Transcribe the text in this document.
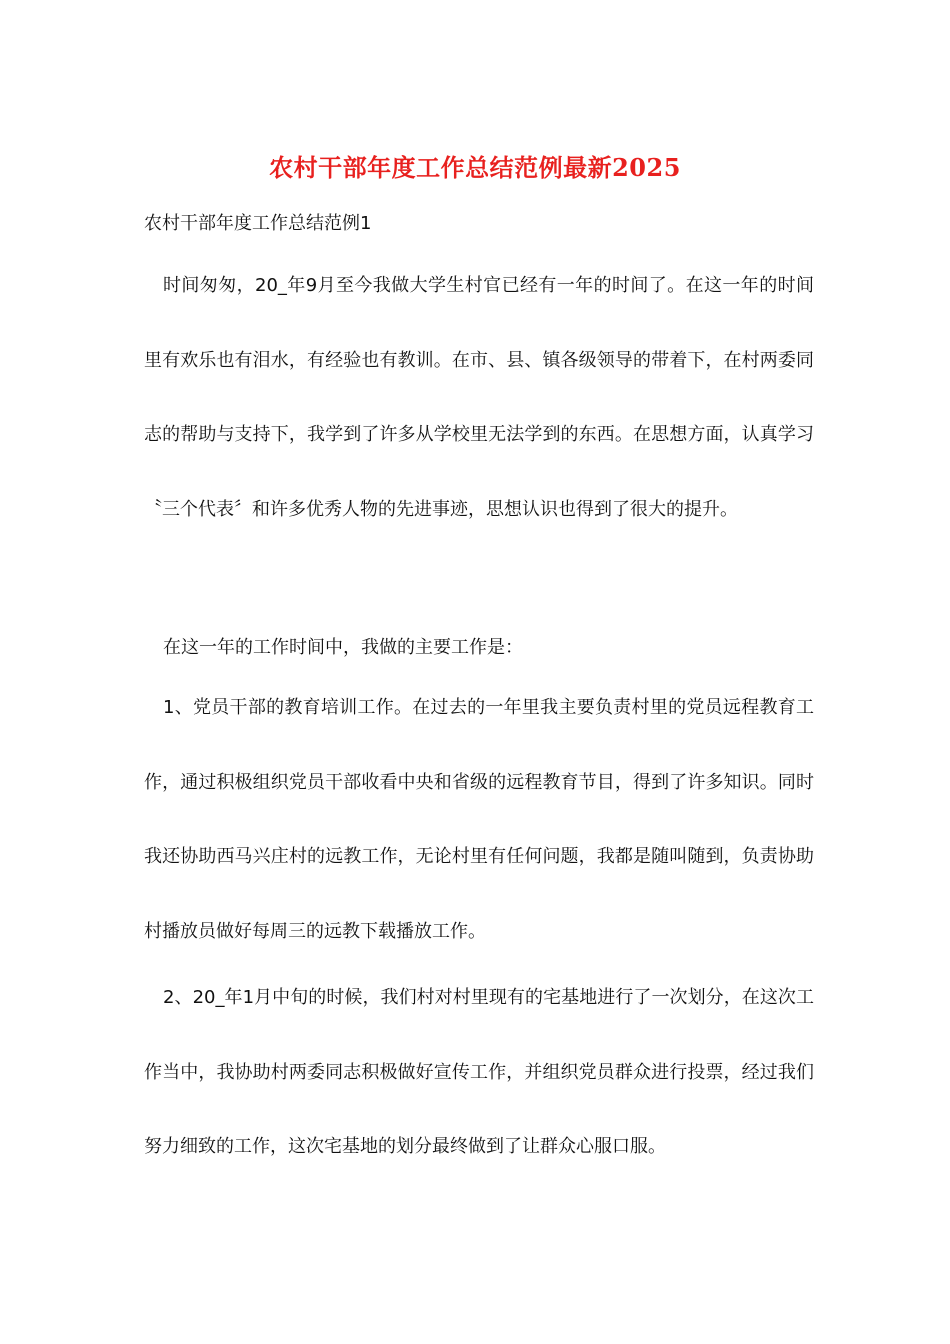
农村干部年度工作总结范例最新2025
农村干部年度工作总结范例1

时间匆匆，20_年9月至今我做大学生村官已经有一年的时间了。在这一年的时间里有欢乐也有泪水，有经验也有教训。在市、县、镇各级领导的带着下，在村两委同志的帮助与支持下，我学到了许多从学校里无法学到的东西。在思想方面，认真学习〝三个代表〞和许多优秀人物的先进事迹，思想认识也得到了很大的提升。

在这一年的工作时间中，我做的主要工作是：

1、党员干部的教育培训工作。在过去的一年里我主要负责村里的党员远程教育工作，通过积极组织党员干部收看中央和省级的远程教育节目，得到了许多知识。同时我还协助西马兴庄村的远教工作，无论村里有任何问题，我都是随叫随到，负责协助村播放员做好每周三的远教下载播放工作。

2、20_年1月中旬的时候，我们村对村里现有的宅基地进行了一次划分，在这次工作当中，我协助村两委同志积极做好宣传工作，并组织党员群众进行投票，经过我们努力细致的工作，这次宅基地的划分最终做到了让群众心服口服。
